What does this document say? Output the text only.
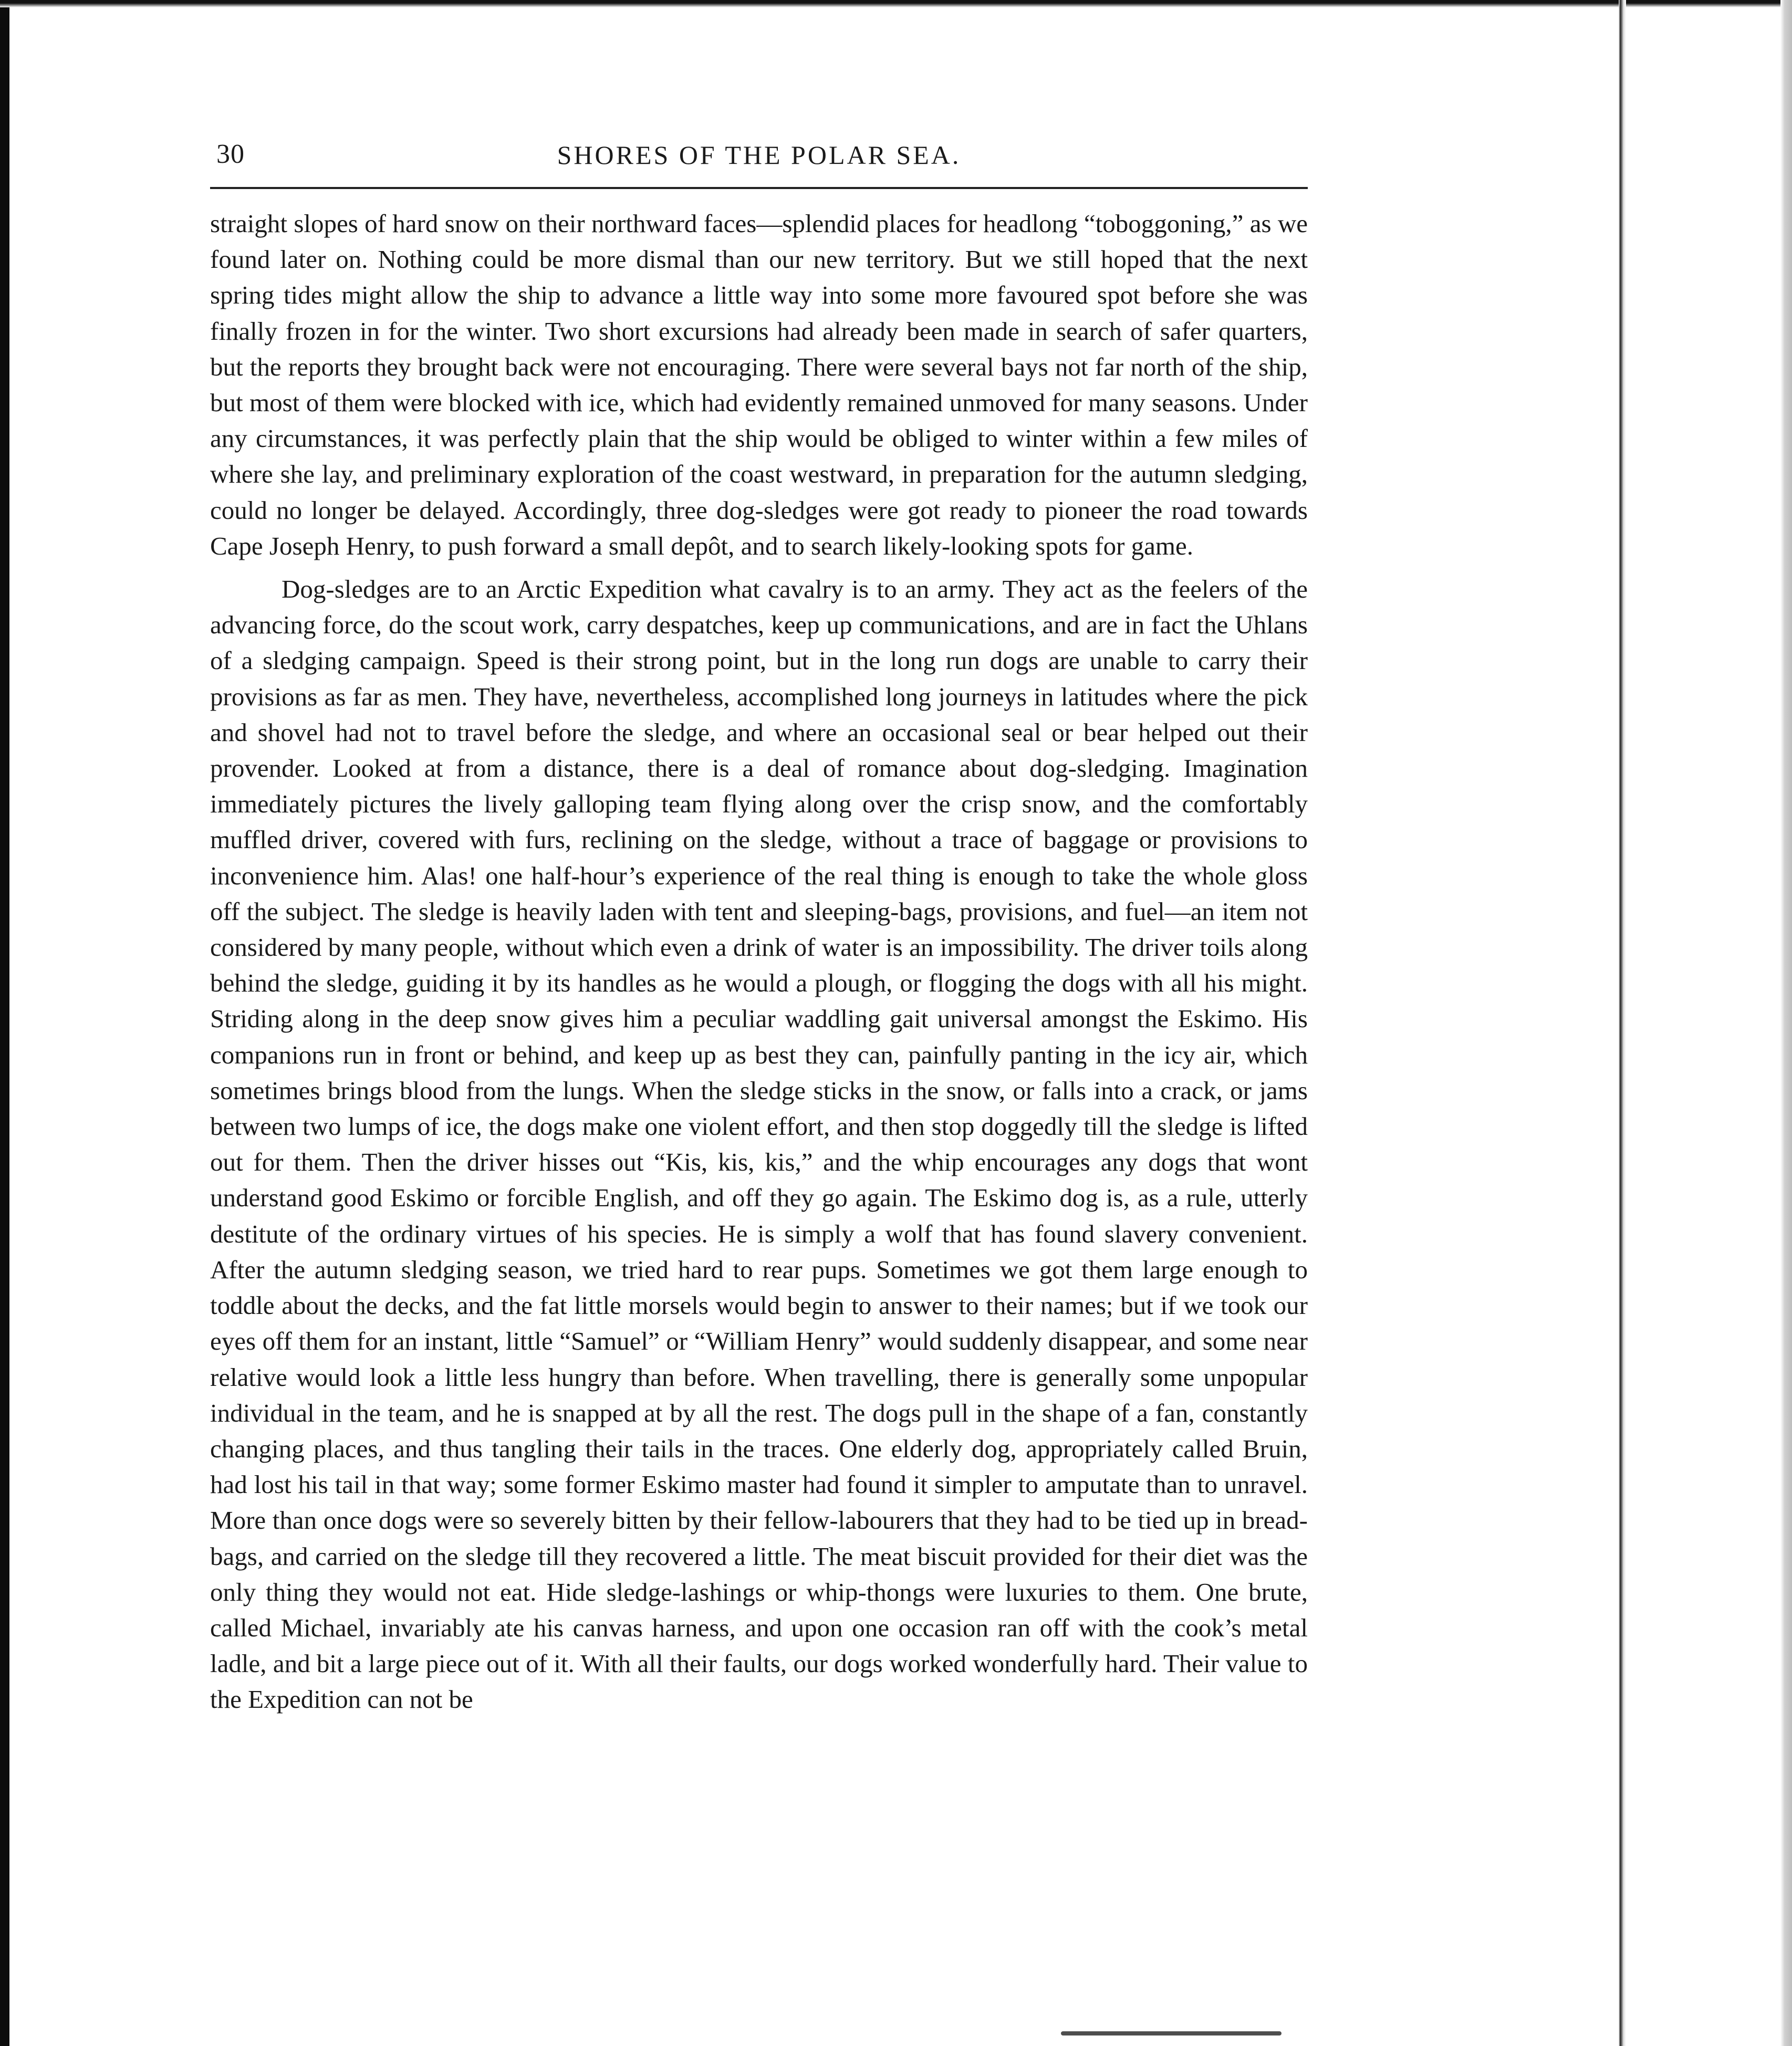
30	SHORES OF THE POLAR SEA.

straight slopes of hard snow on their northward faces—splendid places for headlong “toboggoning,” as we found later on. Nothing could be more dismal than our new territory. But we still hoped that the next spring tides might allow the ship to advance a little way into some more favoured spot before she was finally frozen in for the winter. Two short excursions had already been made in search of safer quarters, but the reports they brought back were not encouraging. There were several bays not far north of the ship, but most of them were blocked with ice, which had evidently remained unmoved for many seasons. Under any circumstances, it was perfectly plain that the ship would be obliged to winter within a few miles of where she lay, and preliminary exploration of the coast westward, in preparation for the autumn sledging, could no longer be delayed. Accordingly, three dog-sledges were got ready to pioneer the road towards Cape Joseph Henry, to push forward a small depôt, and to search likely-looking spots for game.

Dog-sledges are to an Arctic Expedition what cavalry is to an army. They act as the feelers of the advancing force, do the scout work, carry despatches, keep up communications, and are in fact the Uhlans of a sledging campaign. Speed is their strong point, but in the long run dogs are unable to carry their provisions as far as men. They have, nevertheless, accomplished long journeys in latitudes where the pick and shovel had not to travel before the sledge, and where an occasional seal or bear helped out their provender. Looked at from a distance, there is a deal of romance about dog-sledging. Imagination immediately pictures the lively galloping team flying along over the crisp snow, and the comfortably muffled driver, covered with furs, reclining on the sledge, without a trace of baggage or provisions to inconvenience him. Alas! one half-hour’s experience of the real thing is enough to take the whole gloss off the subject. The sledge is heavily laden with tent and sleeping-bags, provisions, and fuel—an item not considered by many people, without which even a drink of water is an impossibility. The driver toils along behind the sledge, guiding it by its handles as he would a plough, or flogging the dogs with all his might. Striding along in the deep snow gives him a peculiar waddling gait universal amongst the Eskimo. His companions run in front or behind, and keep up as best they can, painfully panting in the icy air, which sometimes brings blood from the lungs. When the sledge sticks in the snow, or falls into a crack, or jams between two lumps of ice, the dogs make one violent effort, and then stop doggedly till the sledge is lifted out for them. Then the driver hisses out “Kis, kis, kis,” and the whip encourages any dogs that wont understand good Eskimo or forcible English, and off they go again. The Eskimo dog is, as a rule, utterly destitute of the ordinary virtues of his species. He is simply a wolf that has found slavery convenient. After the autumn sledging season, we tried hard to rear pups. Sometimes we got them large enough to toddle about the decks, and the fat little morsels would begin to answer to their names; but if we took our eyes off them for an instant, little “Samuel” or “William Henry” would suddenly disappear, and some near relative would look a little less hungry than before. When travelling, there is generally some unpopular individual in the team, and he is snapped at by all the rest. The dogs pull in the shape of a fan, constantly changing places, and thus tangling their tails in the traces. One elderly dog, appropriately called Bruin, had lost his tail in that way; some former Eskimo master had found it simpler to amputate than to unravel. More than once dogs were so severely bitten by their fellow-labourers that they had to be tied up in bread-bags, and carried on the sledge till they recovered a little. The meat biscuit provided for their diet was the only thing they would not eat. Hide sledge-lashings or whip-thongs were luxuries to them. One brute, called Michael, invariably ate his canvas harness, and upon one occasion ran off with the cook’s metal ladle, and bit a large piece out of it. With all their faults, our dogs worked wonderfully hard. Their value to the Expedition can not be
